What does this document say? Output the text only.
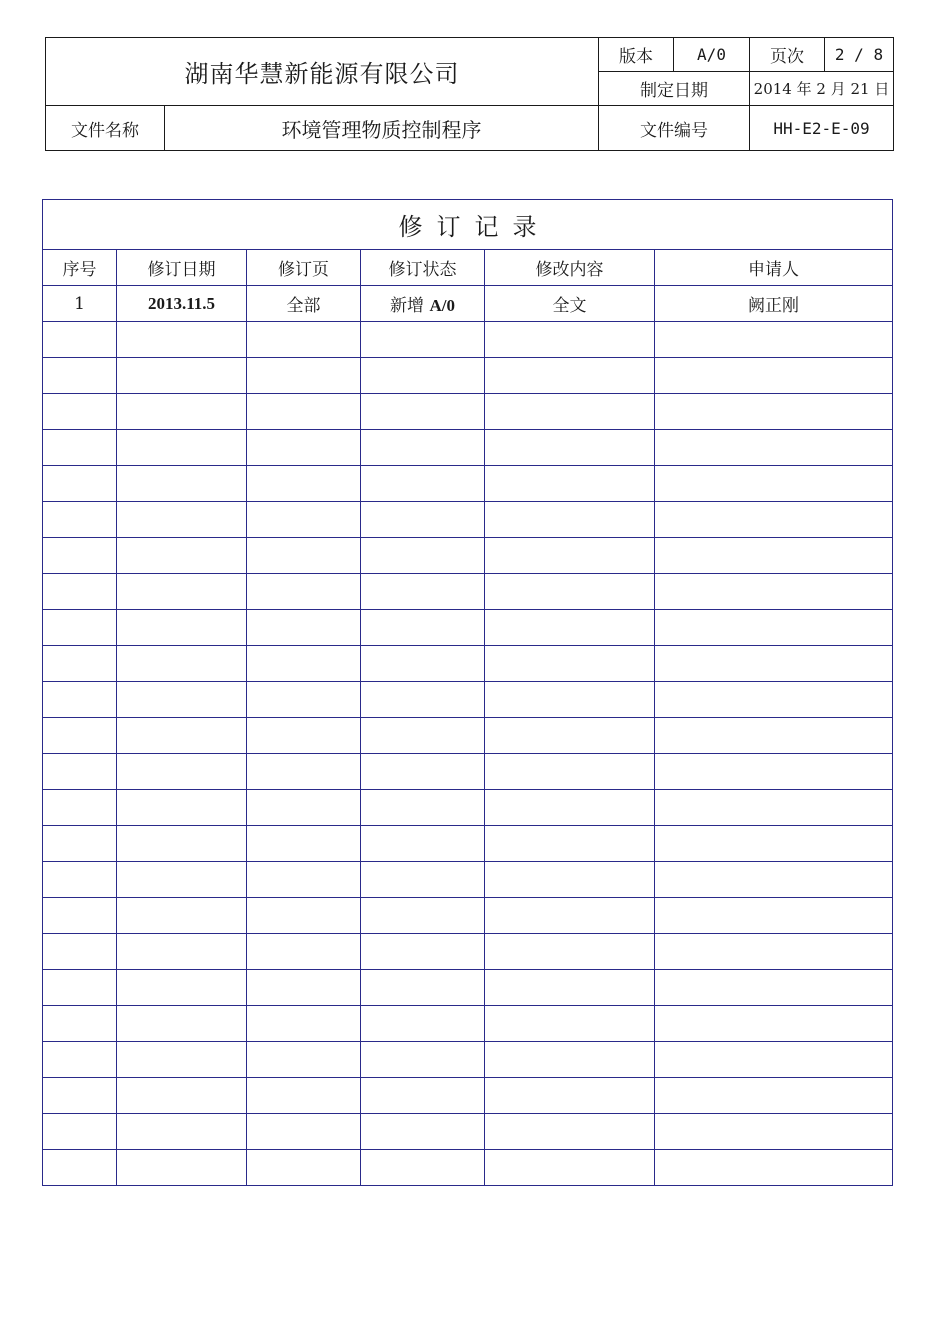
湖南华慧新能源有限公司		版本	A/0	页次	2 / 8
		制定日期		2014 年 2 月 21 日	
文件名称	环境管理物质控制程序	文件编号		HH-E2-E-09	
修订记录					
序号	修订日期	修订页	修订状态	修改内容	申请人
1	2013.11.5	全部	新增 A/0	全文	阙正刚
